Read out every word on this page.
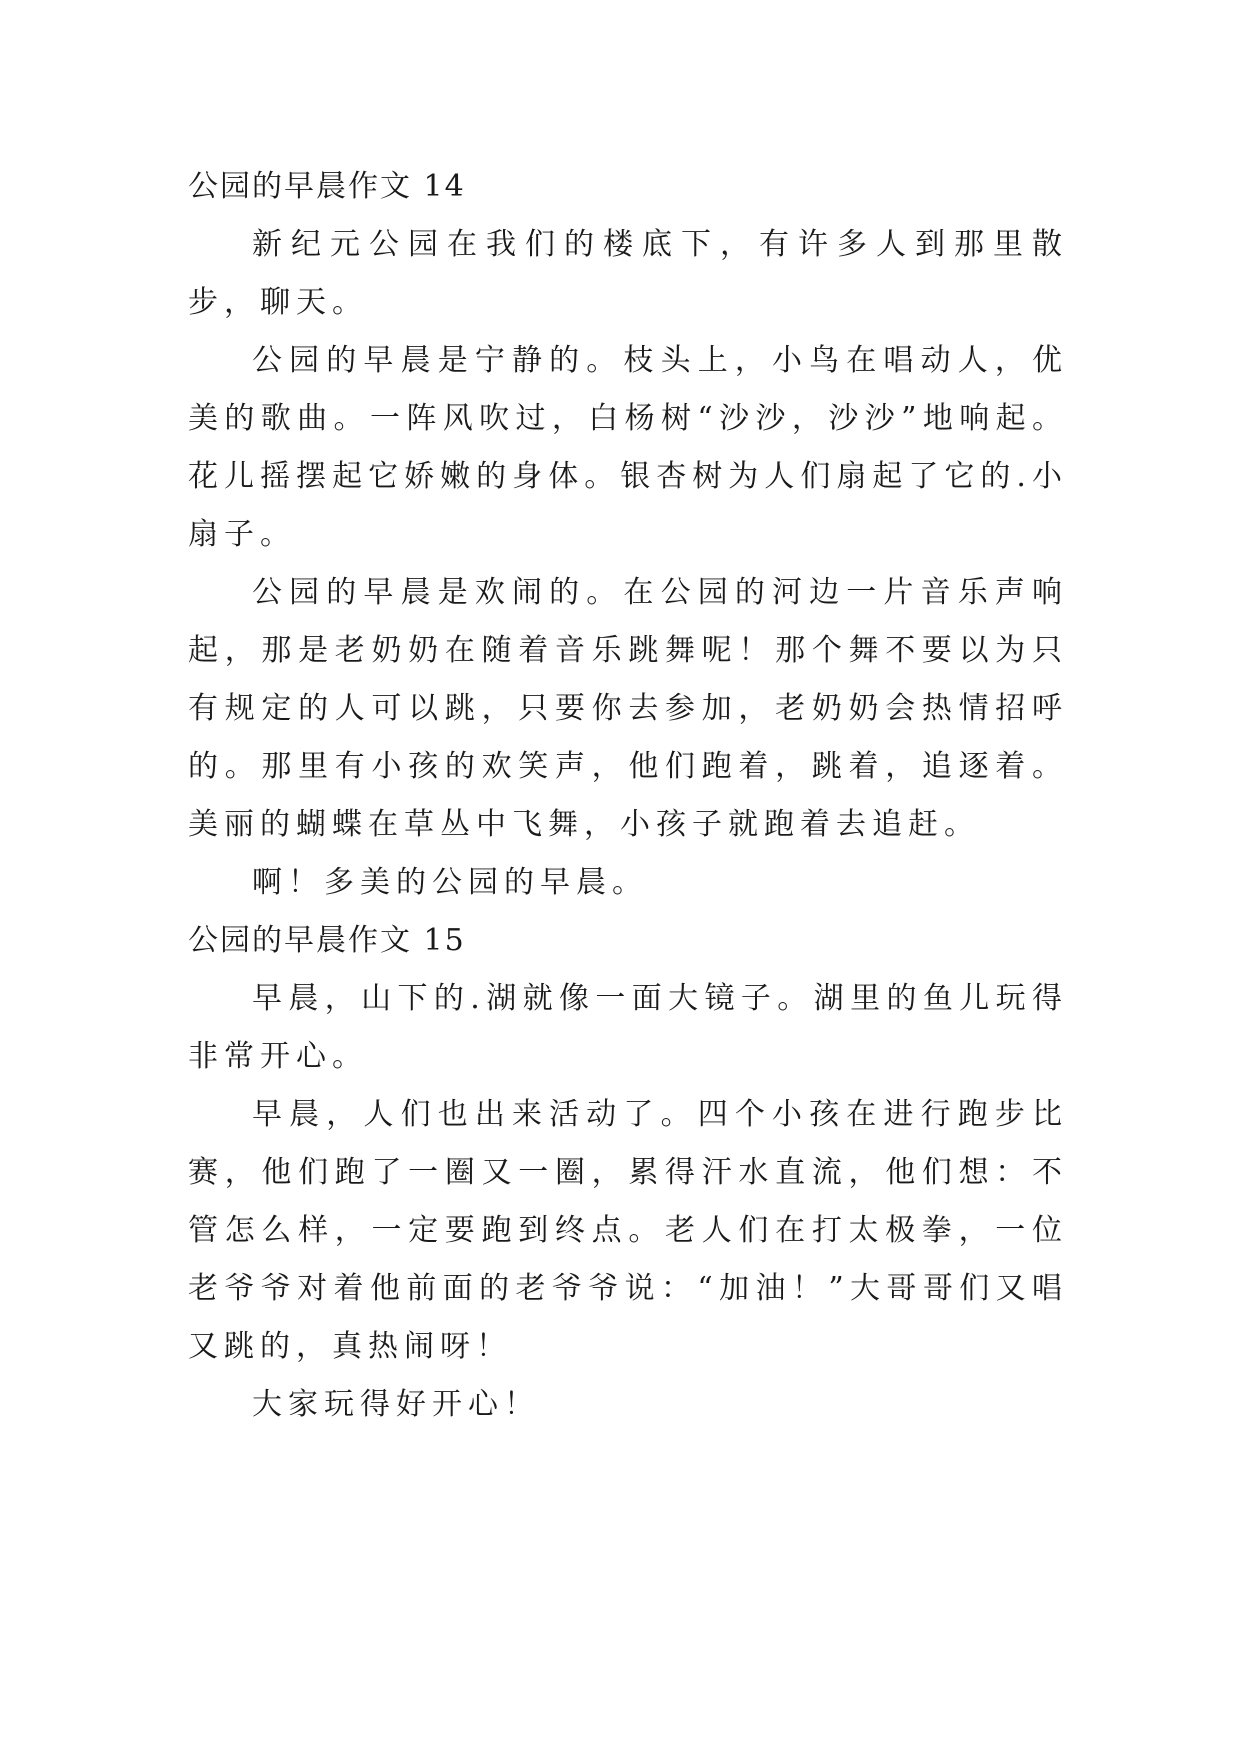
公园的早晨作文 14

新纪元公园在我们的楼底下，有许多人到那里散步，聊天。

公园的早晨是宁静的。枝头上，小鸟在唱动人，优美的歌曲。一阵风吹过，白杨树“沙沙，沙沙”地响起。花儿摇摆起它娇嫩的身体。银杏树为人们扇起了它的.小扇子。

公园的早晨是欢闹的。在公园的河边一片音乐声响起，那是老奶奶在随着音乐跳舞呢！那个舞不要以为只有规定的人可以跳，只要你去参加，老奶奶会热情招呼的。那里有小孩的欢笑声，他们跑着，跳着，追逐着。美丽的蝴蝶在草丛中飞舞，小孩子就跑着去追赶。

啊！多美的公园的早晨。

公园的早晨作文 15

早晨，山下的.湖就像一面大镜子。湖里的鱼儿玩得非常开心。

早晨，人们也出来活动了。四个小孩在进行跑步比赛，他们跑了一圈又一圈，累得汗水直流，他们想：不管怎么样，一定要跑到终点。老人们在打太极拳，一位老爷爷对着他前面的老爷爷说：“加油！”大哥哥们又唱又跳的，真热闹呀！

大家玩得好开心！
